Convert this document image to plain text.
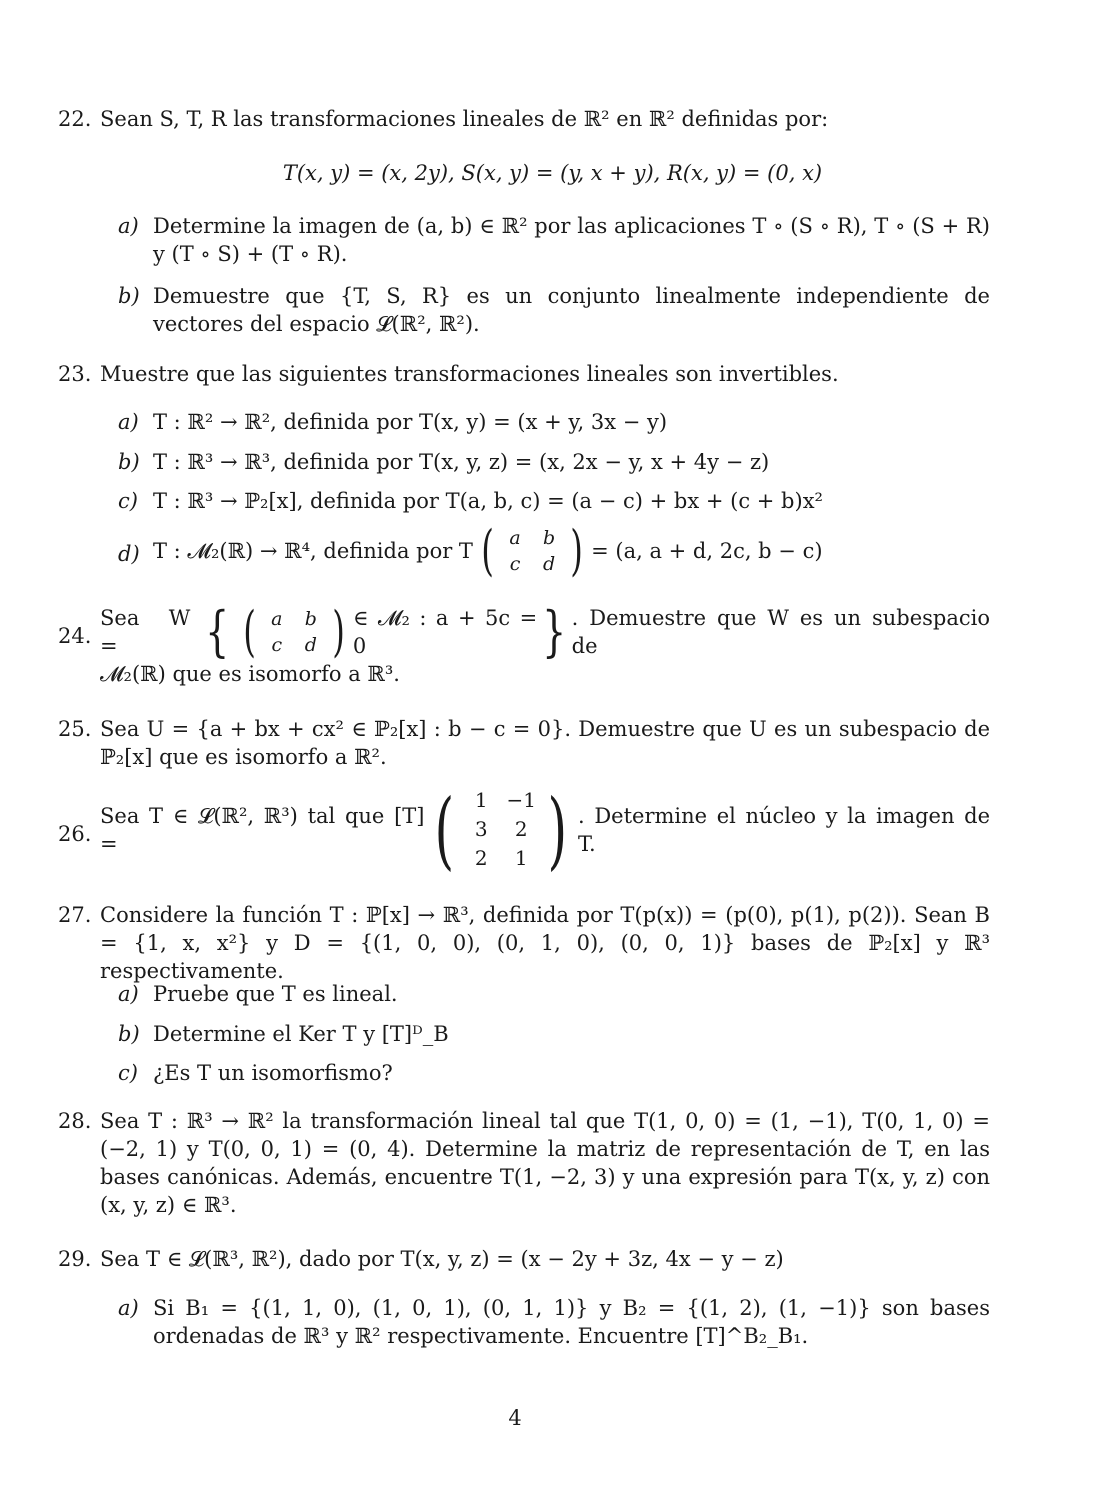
22. Sean S, T, R las transformaciones lineales de ℝ² en ℝ² definidas por:
T(x, y) = (x, 2y), S(x, y) = (y, x + y), R(x, y) = (0, x)
a) Determine la imagen de (a, b) ∈ ℝ² por las aplicaciones T ∘ (S ∘ R), T ∘ (S + R) y (T ∘ S) + (T ∘ R).
b) Demuestre que {T, S, R} es un conjunto linealmente independiente de vectores del espacio 𝓛(ℝ², ℝ²).
23. Muestre que las siguientes transformaciones lineales son invertibles.
a) T : ℝ² → ℝ², definida por T(x, y) = (x + y, 3x − y)
b) T : ℝ³ → ℝ³, definida por T(x, y, z) = (x, 2x − y, x + 4y − z)
c) T : ℝ³ → ℙ₂[x], definida por T(a, b, c) = (a − c) + bx + (c + b)x²
d) T : 𝓜₂(ℝ) → ℝ⁴, definida por T ( a	b
c	d ) = (a, a + d, 2c, b − c)
24.
Sea W =	{ ( a	b
c	d ) ∈ 𝓜₂ : a + 5c = 0	} . Demuestre que W es un subespacio de
𝓜₂(ℝ) que es isomorfo a ℝ³.
25. Sea U = {a + bx + cx² ∈ ℙ₂[x] : b − c = 0}. Demuestre que U es un subespacio de ℙ₂[x] que es isomorfo a ℝ².
26.
Sea T ∈ 𝓛(ℝ², ℝ³) tal que [T] =	(	1 −1
3	2
2	1 ) . Determine el núcleo y la imagen de T.
27. Considere la función T : ℙ[x] → ℝ³, definida por T(p(x)) = (p(0), p(1), p(2)). Sean B = {1, x, x²} y D = {(1, 0, 0), (0, 1, 0), (0, 0, 1)} bases de ℙ₂[x] y ℝ³ respectivamente.
a) Pruebe que T es lineal.
b) Determine el Ker T y [T]ᴰ_B
c) ¿Es T un isomorfismo?
28. Sea T : ℝ³ → ℝ² la transformación lineal tal que T(1, 0, 0) = (1, −1), T(0, 1, 0) = (−2, 1) y T(0, 0, 1) = (0, 4). Determine la matriz de representación de T, en las bases canónicas. Además, encuentre T(1, −2, 3) y una expresión para T(x, y, z) con (x, y, z) ∈ ℝ³.
29. Sea T ∈ 𝓛(ℝ³, ℝ²), dado por T(x, y, z) = (x − 2y + 3z, 4x − y − z)
a) Si B₁ = {(1, 1, 0), (1, 0, 1), (0, 1, 1)} y B₂ = {(1, 2), (1, −1)} son bases ordenadas de ℝ³ y ℝ² respectivamente. Encuentre [T]^B₂_B₁.
4
